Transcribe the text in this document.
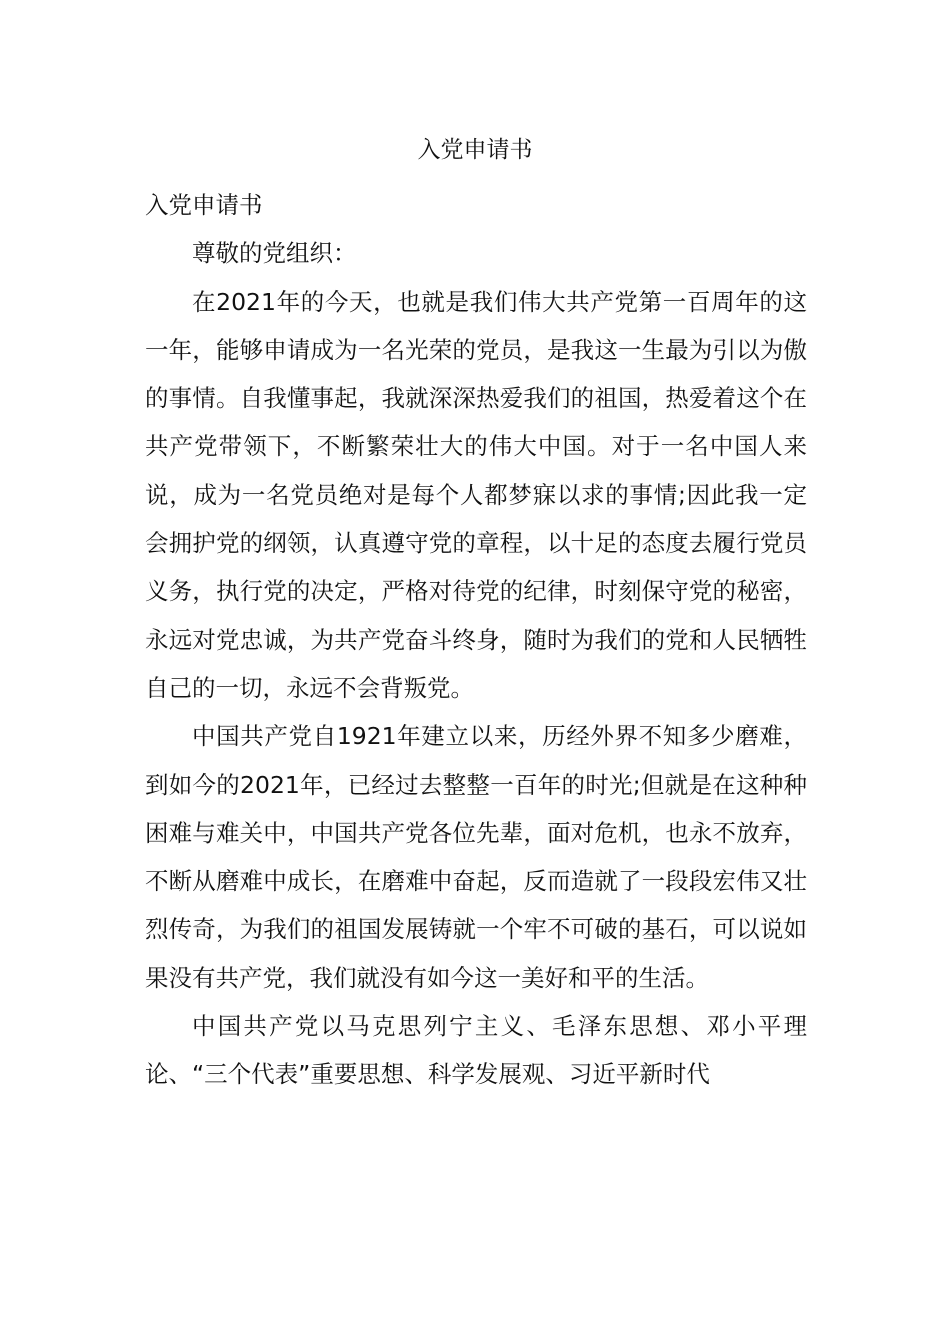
入党申请书

入党申请书

尊敬的党组织：

在2021年的今天，也就是我们伟大共产党第一百周年的这一年，能够申请成为一名光荣的党员，是我这一生最为引以为傲的事情。自我懂事起，我就深深热爱我们的祖国，热爱着这个在共产党带领下，不断繁荣壮大的伟大中国。对于一名中国人来说，成为一名党员绝对是每个人都梦寐以求的事情;因此我一定会拥护党的纲领，认真遵守党的章程，以十足的态度去履行党员义务，执行党的决定，严格对待党的纪律，时刻保守党的秘密，永远对党忠诚，为共产党奋斗终身，随时为我们的党和人民牺牲自己的一切，永远不会背叛党。

中国共产党自1921年建立以来，历经外界不知多少磨难，到如今的2021年，已经过去整整一百年的时光;但就是在这种种困难与难关中，中国共产党各位先辈，面对危机，也永不放弃，不断从磨难中成长，在磨难中奋起，反而造就了一段段宏伟又壮烈传奇，为我们的祖国发展铸就一个牢不可破的基石，可以说如果没有共产党，我们就没有如今这一美好和平的生活。

中国共产党以马克思列宁主义、毛泽东思想、邓小平理论、“三个代表”重要思想、科学发展观、习近平新时代
